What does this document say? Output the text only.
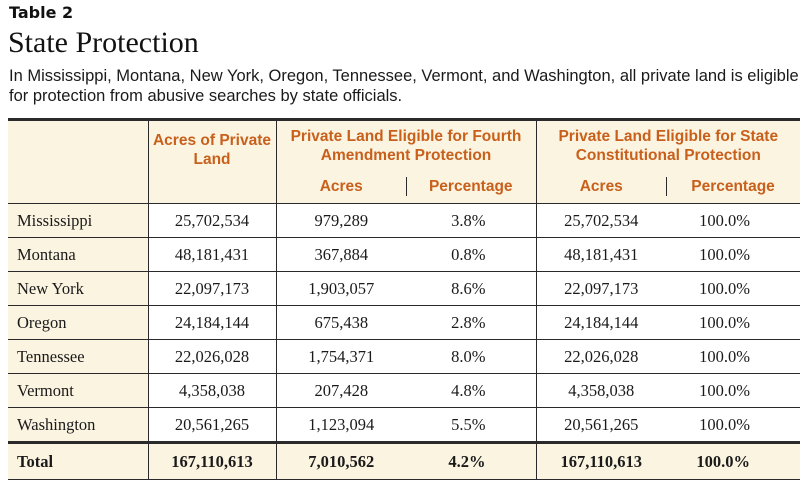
Table 2
State Protection
In Mississippi, Montana, New York, Oregon, Tennessee, Vermont, and Washington, all private land is eligible for protection from abusive searches by state officials.
	Acres of Private Land	Private Land Eligible for Fourth Amendment Protection		Private Land Eligible for State Constitutional Protection	
		Acres	Percentage	Acres	Percentage
Mississippi	25,702,534	979,289	3.8%	25,702,534	100.0%
Montana	48,181,431	367,884	0.8%	48,181,431	100.0%
New York	22,097,173	1,903,057	8.6%	22,097,173	100.0%
Oregon	24,184,144	675,438	2.8%	24,184,144	100.0%
Tennessee	22,026,028	1,754,371	8.0%	22,026,028	100.0%
Vermont	4,358,038	207,428	4.8%	4,358,038	100.0%
Washington	20,561,265	1,123,094	5.5%	20,561,265	100.0%
Total	167,110,613	7,010,562	4.2%	167,110,613	100.0%
